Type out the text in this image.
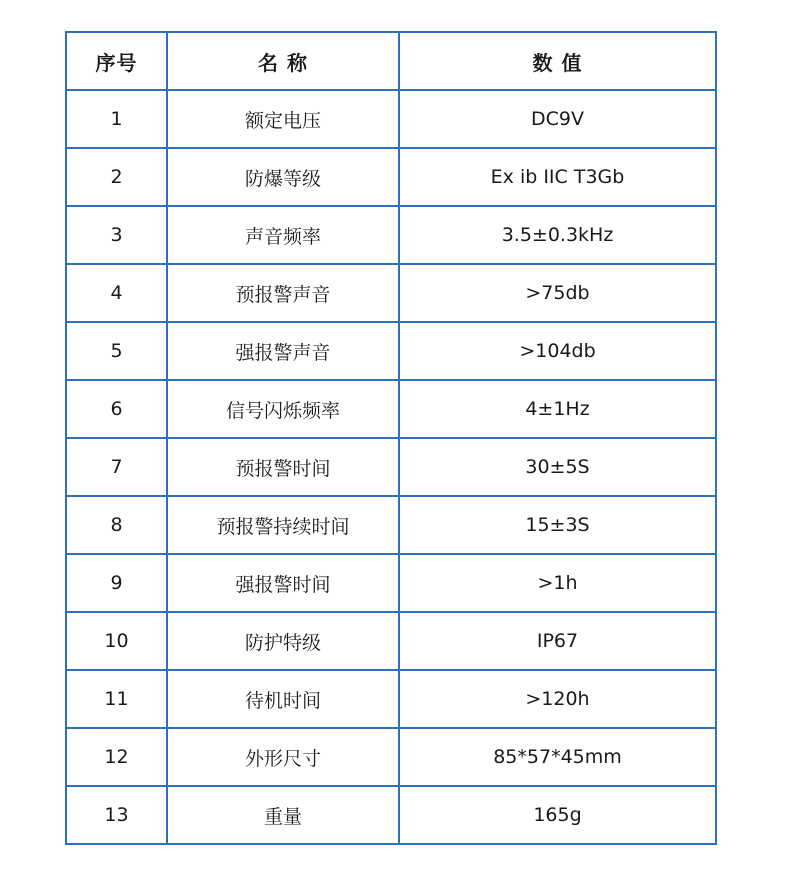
序号	名 称	数 值
1	额定电压	DC9V
2	防爆等级	Ex ib IIC T3Gb
3	声音频率	3.5±0.3kHz
4	预报警声音	>75db
5	强报警声音	>104db
6	信号闪烁频率	4±1Hz
7	预报警时间	30±5S
8	预报警持续时间	15±3S
9	强报警时间	>1h
10	防护特级	IP67
11	待机时间	>120h
12	外形尺寸	85*57*45mm
13	重量	165g
